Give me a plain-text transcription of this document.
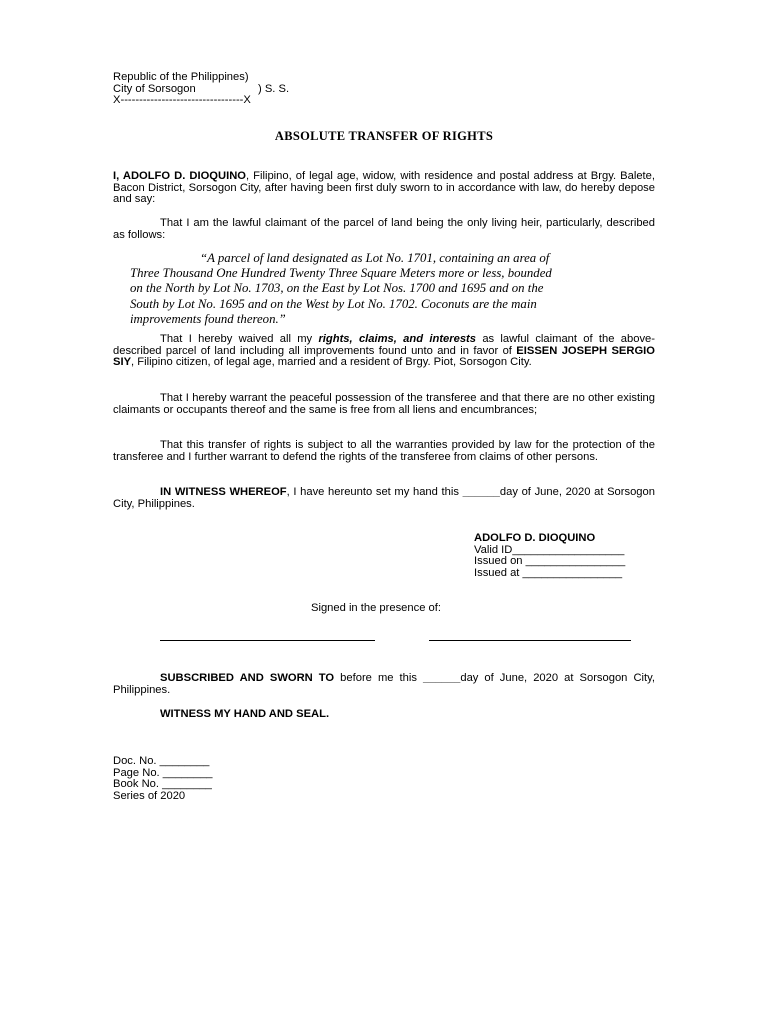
Republic of the Philippines)
City of Sorsogon	) S. S.
X---------------------------------X
ABSOLUTE TRANSFER OF RIGHTS
I, ADOLFO D. DIOQUINO, Filipino, of legal age, widow, with residence and postal address at Brgy. Balete, Bacon District, Sorsogon City, after having been first duly sworn to in accordance with law, do hereby depose and say:
That I am the lawful claimant of the parcel of land being the only living heir, particularly, described as follows:
“A parcel of land designated as Lot No. 1701, containing an area of
Three Thousand One Hundred Twenty Three Square Meters more or less, bounded
on the North by Lot No. 1703, on the East by Lot Nos. 1700 and 1695 and on the
South by Lot No. 1695 and on the West by Lot No. 1702. Coconuts are the main
improvements found thereon.”
That I hereby waived all my rights, claims, and interests as lawful claimant of the above-described parcel of land including all improvements found unto and in favor of EISSEN JOSEPH SERGIO SIY, Filipino citizen, of legal age, married and a resident of Brgy. Piot, Sorsogon City.
That I hereby warrant the peaceful possession of the transferee and that there are no other existing claimants or occupants thereof and the same is free from all liens and encumbrances;
That this transfer of rights is subject to all the warranties provided by law for the protection of the transferee and I further warrant to defend the rights of the transferee from claims of other persons.
IN WITNESS WHEREOF, I have hereunto set my hand this ______day of June, 2020 at Sorsogon City, Philippines.
ADOLFO D. DIOQUINO
Valid ID__________________
Issued on ________________
Issued at ________________
Signed in the presence of:
SUBSCRIBED AND SWORN TO before me this ______day of June, 2020 at Sorsogon City, Philippines.
WITNESS MY HAND AND SEAL.
Doc. No. ________
Page No. ________
Book No. ________
Series of 2020
